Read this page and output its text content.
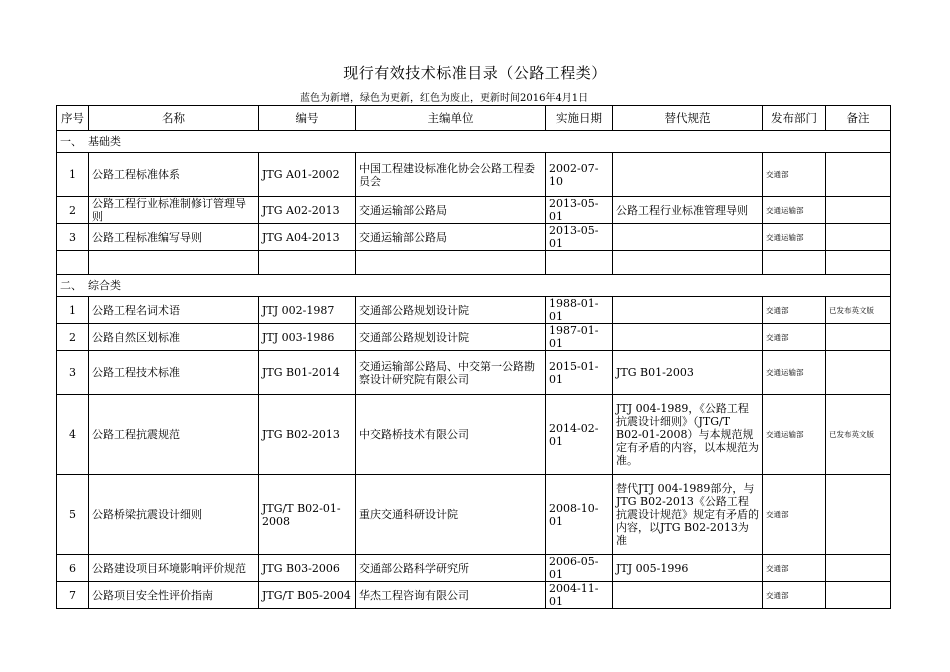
现行有效技术标准目录（公路工程类）
蓝色为新增，绿色为更新，红色为废止，更新时间2016年4月1日
序号	名称	编号	主编单位	实施日期	替代规范	发布部门	备注
一、 基础类							
1	公路工程标准体系	JTG A01-2002	中国工程建设标准化协会公路工程委员会	2002-07-10		交通部	
2	公路工程行业标准制修订管理导则	JTG A02-2013	交通运输部公路局	2013-05-01	公路工程行业标准管理导则	交通运输部	
3	公路工程标准编写导则	JTG A04-2013	交通运输部公路局	2013-05-01		交通运输部	

二、 综合类							
1	公路工程名词术语	JTJ 002-1987	交通部公路规划设计院	1988-01-01		交通部	已发布英文版
2	公路自然区划标准	JTJ 003-1986	交通部公路规划设计院	1987-01-01		交通部	
3	公路工程技术标准	JTG B01-2014	交通运输部公路局、中交第一公路勘察设计研究院有限公司	2015-01-01	JTG B01-2003	交通运输部	
4	公路工程抗震规范	JTG B02-2013	中交路桥技术有限公司	2014-02-01	JTJ 004-1989，《公路工程抗震设计细则》（JTG/T B02-01-2008）与本规范规定有矛盾的内容，以本规范为准。	交通运输部	已发布英文版
5	公路桥梁抗震设计细则	JTG/T B02-01-2008	重庆交通科研设计院	2008-10-01	替代JTJ 004-1989部分，与JTG B02-2013《公路工程抗震设计规范》规定有矛盾的内容，以JTG B02-2013为准	交通部	
6	公路建设项目环境影响评价规范	JTG B03-2006	交通部公路科学研究所	2006-05-01	JTJ 005-1996	交通部	
7	公路项目安全性评价指南	JTG/T B05-2004	华杰工程咨询有限公司	2004-11-01		交通部	
